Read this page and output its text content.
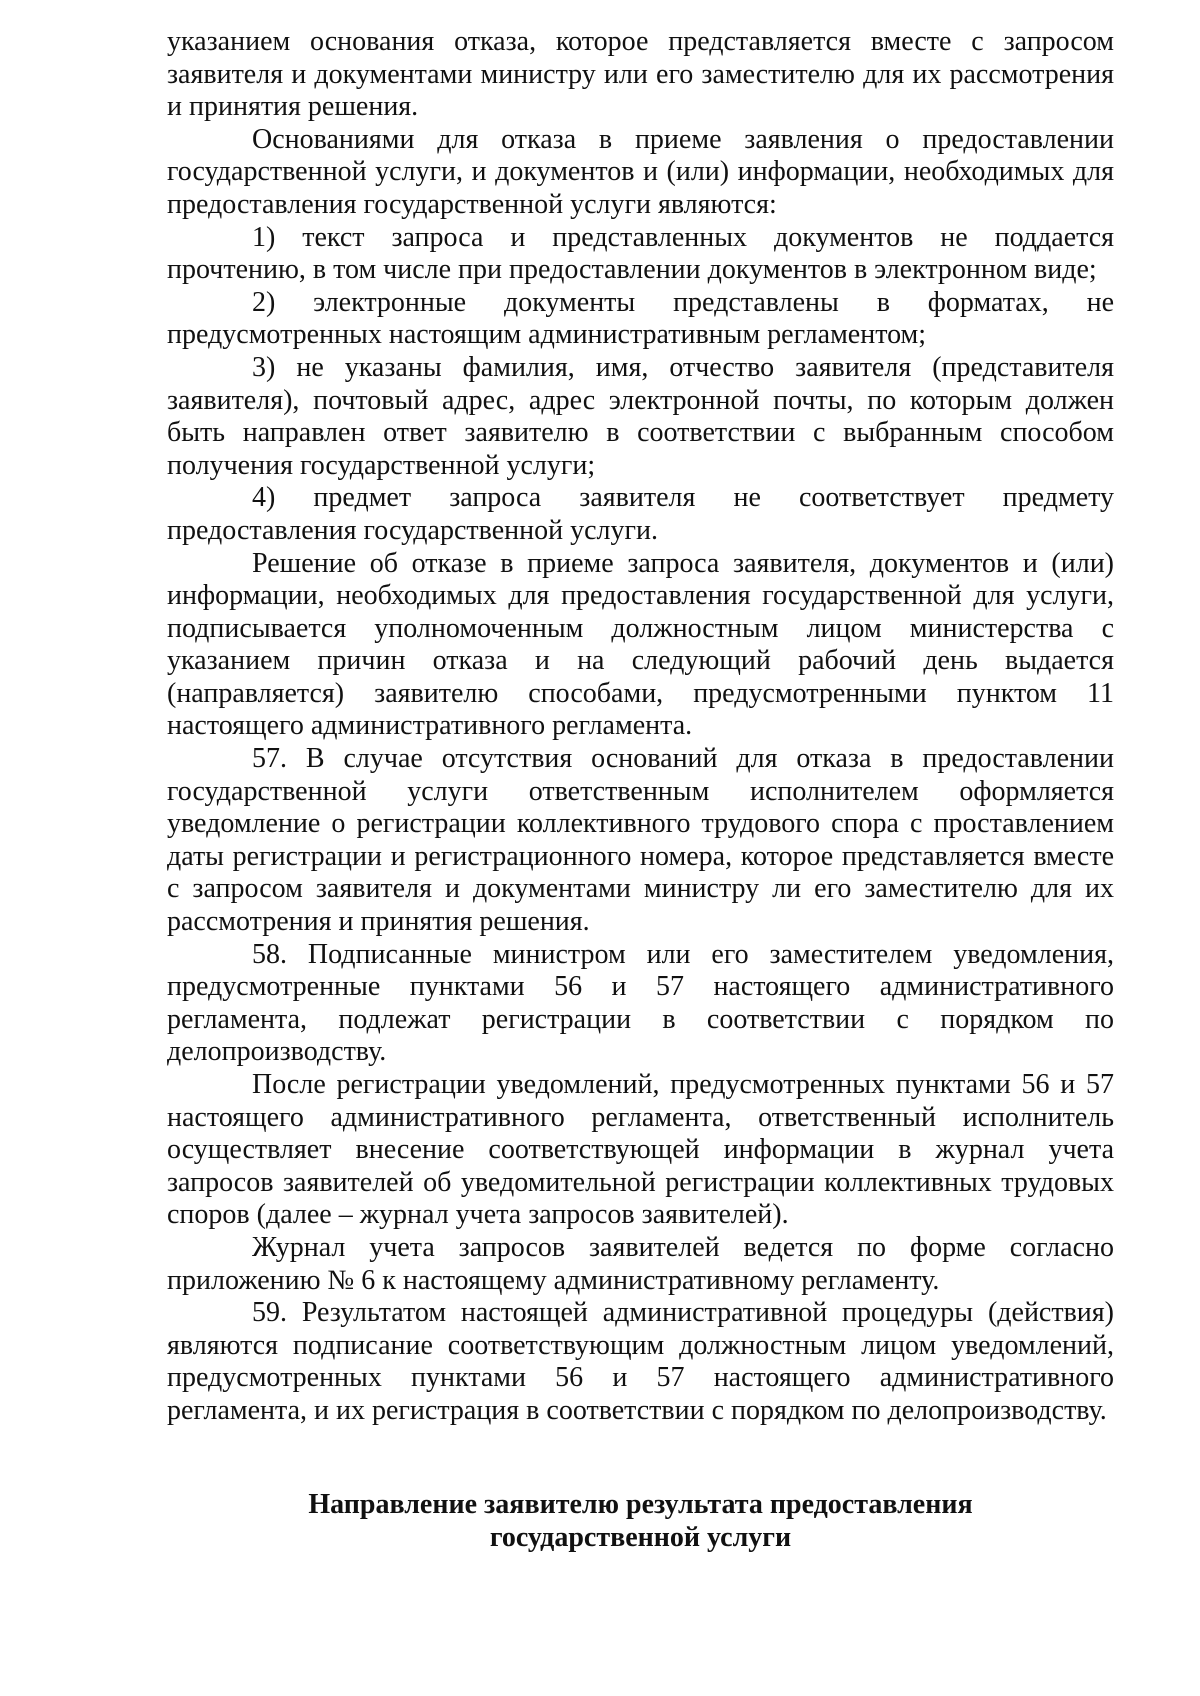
указанием основания отказа, которое представляется вместе с запросом заявителя и документами министру или его заместителю для их рассмотрения и принятия решения.

Основаниями для отказа в приеме заявления о предоставлении государственной услуги, и документов и (или) информации, необходимых для предоставления государственной услуги являются:

1) текст запроса и представленных документов не поддается прочтению, в том числе при предоставлении документов в электронном виде;

2) электронные документы представлены в форматах, не предусмотренных настоящим административным регламентом;

3) не указаны фамилия, имя, отчество заявителя (представителя заявителя), почтовый адрес, адрес электронной почты, по которым должен быть направлен ответ заявителю в соответствии с выбранным способом получения государственной услуги;

4) предмет запроса заявителя не соответствует предмету предоставления государственной услуги.

Решение об отказе в приеме запроса заявителя, документов и (или) информации, необходимых для предоставления государственной для услуги, подписывается уполномоченным должностным лицом министерства с указанием причин отказа и на следующий рабочий день выдается (направляется) заявителю способами, предусмотренными пунктом 11 настоящего административного регламента.

57. В случае отсутствия оснований для отказа в предоставлении государственной услуги ответственным исполнителем оформляется уведомление о регистрации коллективного трудового спора с проставлением даты регистрации и регистрационного номера, которое представляется вместе с запросом заявителя и документами министру ли его заместителю для их рассмотрения и принятия решения.

58. Подписанные министром или его заместителем уведомления, предусмотренные пунктами 56 и 57 настоящего административного регламента, подлежат регистрации в соответствии с порядком по делопроизводству.

После регистрации уведомлений, предусмотренных пунктами 56 и 57 настоящего административного регламента, ответственный исполнитель осуществляет внесение соответствующей информации в журнал учета запросов заявителей об уведомительной регистрации коллективных трудовых споров (далее – журнал учета запросов заявителей).

Журнал учета запросов заявителей ведется по форме согласно приложению № 6 к настоящему административному регламенту.

59. Результатом настоящей административной процедуры (действия) являются подписание соответствующим должностным лицом уведомлений, предусмотренных пунктами 56 и 57 настоящего административного регламента, и их регистрация в соответствии с порядком по делопроизводству.

Направление заявителю результата предоставления
государственной услуги
